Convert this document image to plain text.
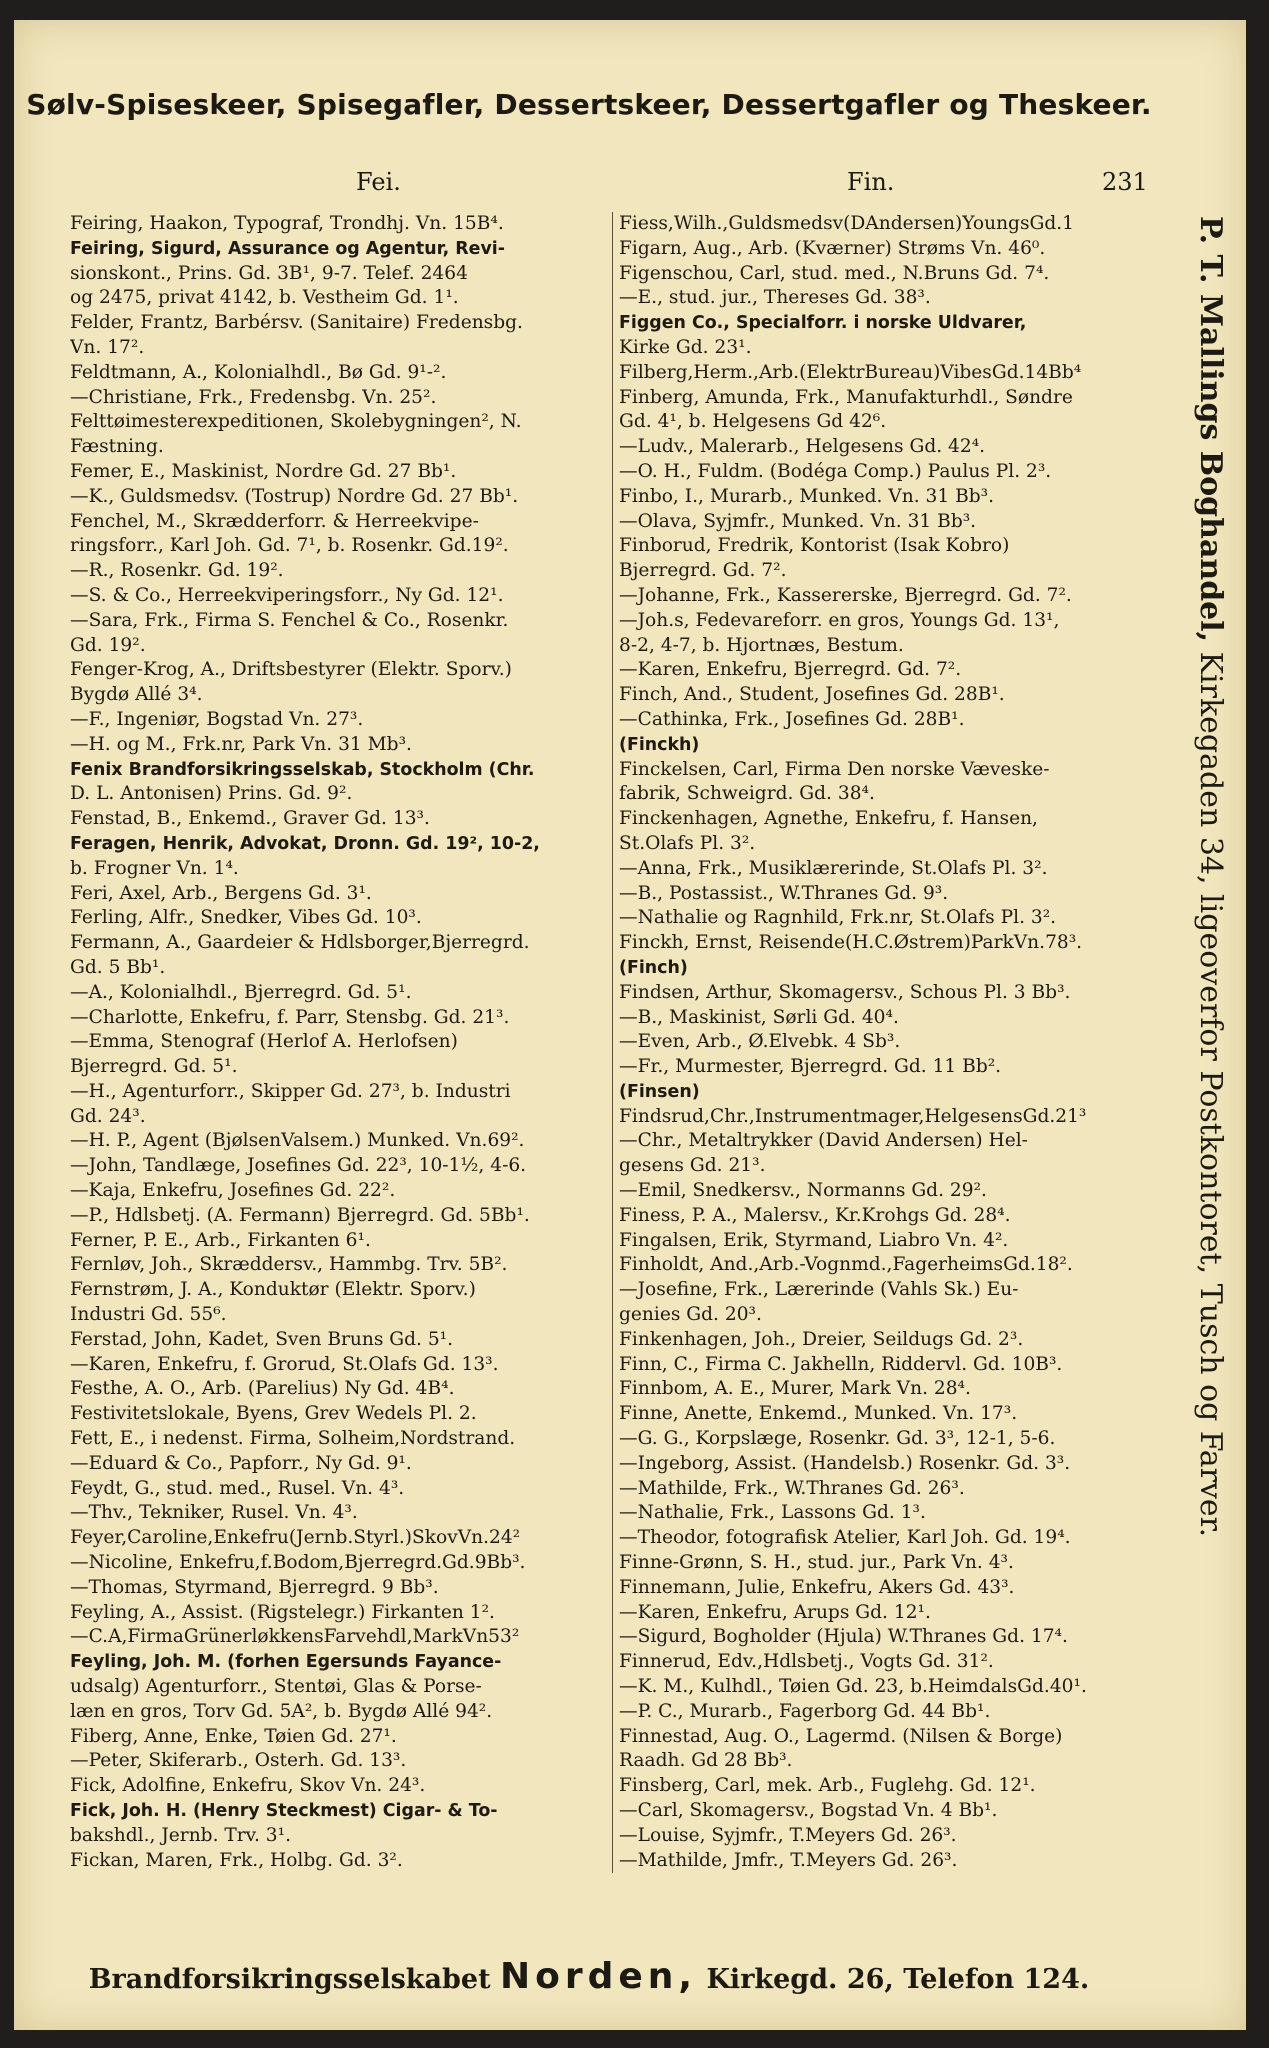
Sølv-Spiseskeer, Spisegafler, Dessertskeer, Dessertgafler og Theskeer.
Fei.	Fin.	231
Feiring, Haakon, Typograf, Trondhj. Vn. 15B⁴.
Feiring, Sigurd, Assurance og Agentur, Revi-
sionskont., Prins. Gd. 3B¹, 9-7. Telef. 2464
og 2475, privat 4142, b. Vestheim Gd. 1¹.
Felder, Frantz, Barbérsv. (Sanitaire) Fredensbg.
Vn. 17².
Feldtmann, A., Kolonialhdl., Bø Gd. 9¹-².
—Christiane, Frk., Fredensbg. Vn. 25².
Felttøimesterexpeditionen, Skolebygningen², N.
Fæstning.
Femer, E., Maskinist, Nordre Gd. 27 Bb¹.
—K., Guldsmedsv. (Tostrup) Nordre Gd. 27 Bb¹.
Fenchel, M., Skrædderforr. & Herreekvipe-
ringsforr., Karl Joh. Gd. 7¹, b. Rosenkr. Gd.19².
—R., Rosenkr. Gd. 19².
—S. & Co., Herreekviperingsforr., Ny Gd. 12¹.
—Sara, Frk., Firma S. Fenchel & Co., Rosenkr.
Gd. 19².
Fenger-Krog, A., Driftsbestyrer (Elektr. Sporv.)
Bygdø Allé 3⁴.
—F., Ingeniør, Bogstad Vn. 27³.
—H. og M., Frk.nr, Park Vn. 31 Mb³.
Fenix Brandforsikringsselskab, Stockholm (Chr.
D. L. Antonisen) Prins. Gd. 9².
Fenstad, B., Enkemd., Graver Gd. 13³.
Feragen, Henrik, Advokat, Dronn. Gd. 19², 10-2,
b. Frogner Vn. 1⁴.
Feri, Axel, Arb., Bergens Gd. 3¹.
Ferling, Alfr., Snedker, Vibes Gd. 10³.
Fermann, A., Gaardeier & Hdlsborger,Bjerregrd.
Gd. 5 Bb¹.
—A., Kolonialhdl., Bjerregrd. Gd. 5¹.
—Charlotte, Enkefru, f. Parr, Stensbg. Gd. 21³.
—Emma, Stenograf (Herlof A. Herlofsen)
Bjerregrd. Gd. 5¹.
—H., Agenturforr., Skipper Gd. 27³, b. Industri
Gd. 24³.
—H. P., Agent (BjølsenValsem.) Munked. Vn.69².
—John, Tandlæge, Josefines Gd. 22³, 10-1½, 4-6.
—Kaja, Enkefru, Josefines Gd. 22².
—P., Hdlsbetj. (A. Fermann) Bjerregrd. Gd. 5Bb¹.
Ferner, P. E., Arb., Firkanten 6¹.
Fernløv, Joh., Skræddersv., Hammbg. Trv. 5B².
Fernstrøm, J. A., Konduktør (Elektr. Sporv.)
Industri Gd. 55⁶.
Ferstad, John, Kadet, Sven Bruns Gd. 5¹.
—Karen, Enkefru, f. Grorud, St.Olafs Gd. 13³.
Festhe, A. O., Arb. (Parelius) Ny Gd. 4B⁴.
Festivitetslokale, Byens, Grev Wedels Pl. 2.
Fett, E., i nedenst. Firma, Solheim,Nordstrand.
—Eduard & Co., Papforr., Ny Gd. 9¹.
Feydt, G., stud. med., Rusel. Vn. 4³.
—Thv., Tekniker, Rusel. Vn. 4³.
Feyer,Caroline,Enkefru(Jernb.Styrl.)SkovVn.24²
—Nicoline, Enkefru,f.Bodom,Bjerregrd.Gd.9Bb³.
—Thomas, Styrmand, Bjerregrd. 9 Bb³.
Feyling, A., Assist. (Rigstelegr.) Firkanten 1².
—C.A,FirmaGrünerløkkensFarvehdl,MarkVn53²
Feyling, Joh. M. (forhen Egersunds Fayance-
udsalg) Agenturforr., Stentøi, Glas & Porse-
læn en gros, Torv Gd. 5A², b. Bygdø Allé 94².
Fiberg, Anne, Enke, Tøien Gd. 27¹.
—Peter, Skiferarb., Osterh. Gd. 13³.
Fick, Adolfine, Enkefru, Skov Vn. 24³.
Fick, Joh. H. (Henry Steckmest) Cigar- & To-
bakshdl., Jernb. Trv. 3¹.
Fickan, Maren, Frk., Holbg. Gd. 3².
Fiess,Wilh.,Guldsmedsv(DAndersen)YoungsGd.1
Figarn, Aug., Arb. (Kværner) Strøms Vn. 46⁰.
Figenschou, Carl, stud. med., N.Bruns Gd. 7⁴.
—E., stud. jur., Thereses Gd. 38³.
Figgen Co., Specialforr. i norske Uldvarer,
Kirke Gd. 23¹.
Filberg,Herm.,Arb.(ElektrBureau)VibesGd.14Bb⁴
Finberg, Amunda, Frk., Manufakturhdl., Søndre
Gd. 4¹, b. Helgesens Gd 42⁶.
—Ludv., Malerarb., Helgesens Gd. 42⁴.
—O. H., Fuldm. (Bodéga Comp.) Paulus Pl. 2³.
Finbo, I., Murarb., Munked. Vn. 31 Bb³.
—Olava, Syjmfr., Munked. Vn. 31 Bb³.
Finborud, Fredrik, Kontorist (Isak Kobro)
Bjerregrd. Gd. 7².
—Johanne, Frk., Kassererske, Bjerregrd. Gd. 7².
—Joh.s, Fedevareforr. en gros, Youngs Gd. 13¹,
8-2, 4-7, b. Hjortnæs, Bestum.
—Karen, Enkefru, Bjerregrd. Gd. 7².
Finch, And., Student, Josefines Gd. 28B¹.
—Cathinka, Frk., Josefines Gd. 28B¹.
(Finckh)
Finckelsen, Carl, Firma Den norske Væveske-
fabrik, Schweigrd. Gd. 38⁴.
Finckenhagen, Agnethe, Enkefru, f. Hansen,
St.Olafs Pl. 3².
—Anna, Frk., Musiklærerinde, St.Olafs Pl. 3².
—B., Postassist., W.Thranes Gd. 9³.
—Nathalie og Ragnhild, Frk.nr, St.Olafs Pl. 3².
Finckh, Ernst, Reisende(H.C.Østrem)ParkVn.78³.
(Finch)
Findsen, Arthur, Skomagersv., Schous Pl. 3 Bb³.
—B., Maskinist, Sørli Gd. 40⁴.
—Even, Arb., Ø.Elvebk. 4 Sb³.
—Fr., Murmester, Bjerregrd. Gd. 11 Bb².
(Finsen)
Findsrud,Chr.,Instrumentmager,HelgesensGd.21³
—Chr., Metaltrykker (David Andersen) Hel-
gesens Gd. 21³.
—Emil, Snedkersv., Normanns Gd. 29².
Finess, P. A., Malersv., Kr.Krohgs Gd. 28⁴.
Fingalsen, Erik, Styrmand, Liabro Vn. 4².
Finholdt, And.,Arb.-Vognmd.,FagerheimsGd.18².
—Josefine, Frk., Lærerinde (Vahls Sk.) Eu-
genies Gd. 20³.
Finkenhagen, Joh., Dreier, Seildugs Gd. 2³.
Finn, C., Firma C. Jakhelln, Riddervl. Gd. 10B³.
Finnbom, A. E., Murer, Mark Vn. 28⁴.
Finne, Anette, Enkemd., Munked. Vn. 17³.
—G. G., Korpslæge, Rosenkr. Gd. 3³, 12-1, 5-6.
—Ingeborg, Assist. (Handelsb.) Rosenkr. Gd. 3³.
—Mathilde, Frk., W.Thranes Gd. 26³.
—Nathalie, Frk., Lassons Gd. 1³.
—Theodor, fotografisk Atelier, Karl Joh. Gd. 19⁴.
Finne-Grønn, S. H., stud. jur., Park Vn. 4³.
Finnemann, Julie, Enkefru, Akers Gd. 43³.
—Karen, Enkefru, Arups Gd. 12¹.
—Sigurd, Bogholder (Hjula) W.Thranes Gd. 17⁴.
Finnerud, Edv.,Hdlsbetj., Vogts Gd. 31².
—K. M., Kulhdl., Tøien Gd. 23, b.HeimdalsGd.40¹.
—P. C., Murarb., Fagerborg Gd. 44 Bb¹.
Finnestad, Aug. O., Lagermd. (Nilsen & Borge)
Raadh. Gd 28 Bb³.
Finsberg, Carl, mek. Arb., Fuglehg. Gd. 12¹.
—Carl, Skomagersv., Bogstad Vn. 4 Bb¹.
—Louise, Syjmfr., T.Meyers Gd. 26³.
—Mathilde, Jmfr., T.Meyers Gd. 26³.
P. T. Mallings Boghandel, Kirkegaden 34, ligeoverfor Postkontoret, Tusch og Farver.
Brandforsikringsselskabet Norden, Kirkegd. 26, Telefon 124.
